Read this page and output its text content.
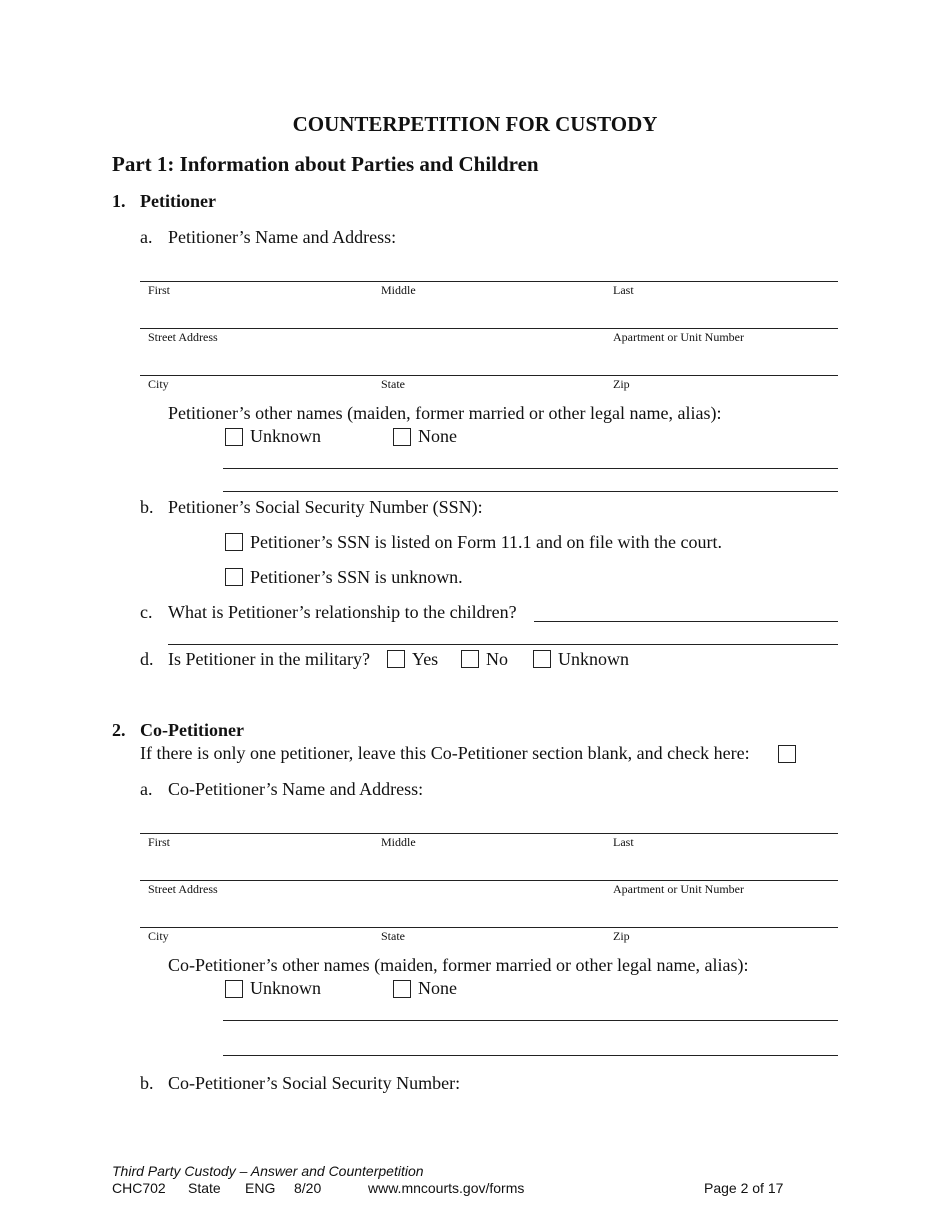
COUNTERPETITION FOR CUSTODY
Part 1: Information about Parties and Children
1. Petitioner
a. Petitioner’s Name and Address:
First	Middle	Last
Street Address	Apartment or Unit Number
City	State	Zip
Petitioner’s other names (maiden, former married or other legal name, alias):
Unknown	None
b. Petitioner’s Social Security Number (SSN):
Petitioner’s SSN is listed on Form 11.1 and on file with the court.
Petitioner’s SSN is unknown.
c. What is Petitioner’s relationship to the children?
d. Is Petitioner in the military? Yes	No	Unknown
2. Co-Petitioner
If there is only one petitioner, leave this Co-Petitioner section blank, and check here:
a. Co-Petitioner’s Name and Address:
First	Middle	Last
Street Address	Apartment or Unit Number
City	State	Zip
Co-Petitioner’s other names (maiden, former married or other legal name, alias):
Unknown	None
b. Co-Petitioner’s Social Security Number:
Third Party Custody – Answer and Counterpetition
CHC702 State ENG 8/20	www.mncourts.gov/forms	Page 2 of 17
